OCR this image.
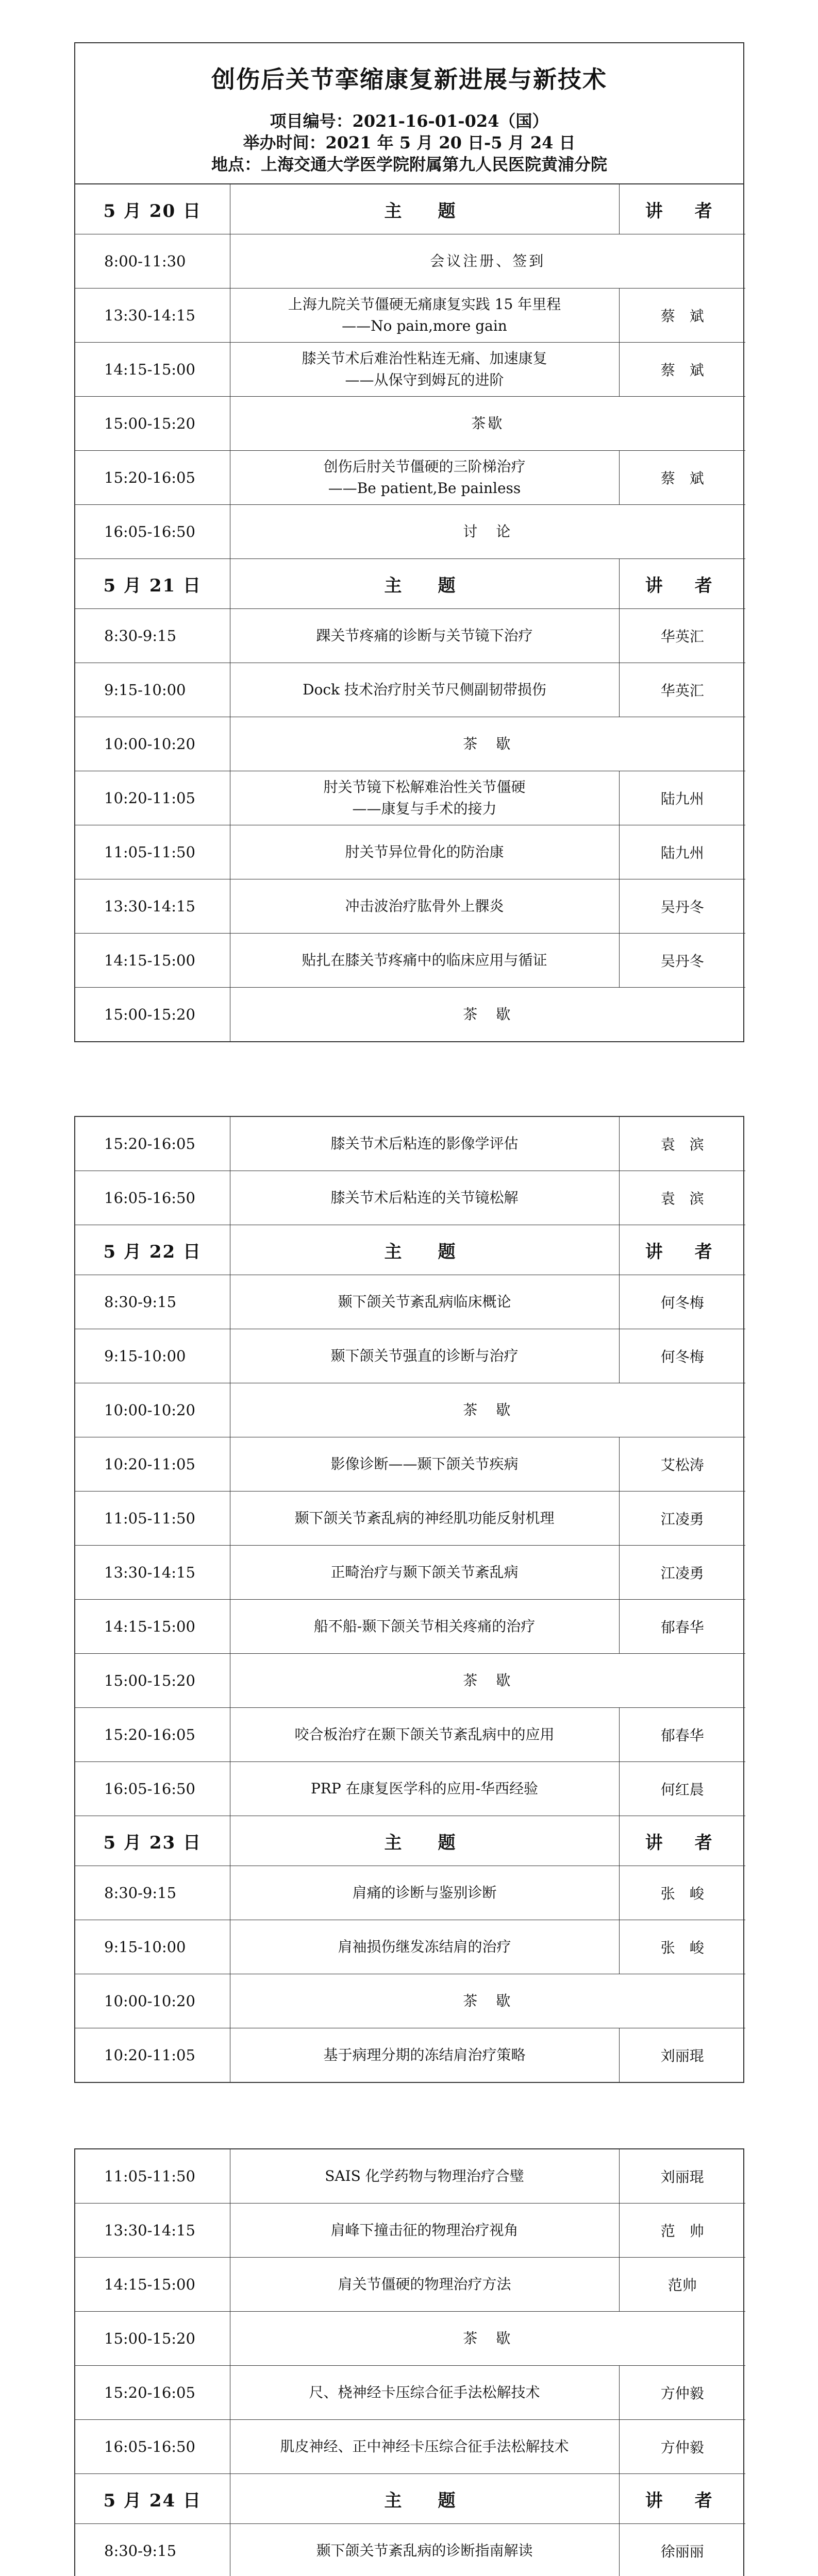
创伤后关节挛缩康复新进展与新技术
项目编号：2021-16-01-024（国）
举办时间：2021 年 5 月 20 日-5 月 24 日
地点：上海交通大学医学院附属第九人民医院黄浦分院
5 月 20 日	主　题	讲　者
8:00-11:30	会议注册、签到	
13:30-14:15	上海九院关节僵硬无痛康复实践 15 年里程
——No pain,more gain	蔡　斌
14:15-15:00	膝关节术后难治性粘连无痛、加速康复
——从保守到姆瓦的进阶	蔡　斌
15:00-15:20	茶歇	
15:20-16:05	创伤后肘关节僵硬的三阶梯治疗
——Be patient,Be painless	蔡　斌
16:05-16:50	讨　论	
5 月 21 日	主　题	讲　者
8:30-9:15	踝关节疼痛的诊断与关节镜下治疗	华英汇
9:15-10:00	Dock 技术治疗肘关节尺侧副韧带损伤	华英汇
10:00-10:20	茶　歇	
10:20-11:05	肘关节镜下松解难治性关节僵硬
——康复与手术的接力	陆九州
11:05-11:50	肘关节异位骨化的防治康	陆九州
13:30-14:15	冲击波治疗肱骨外上髁炎	吴丹冬
14:15-15:00	贴扎在膝关节疼痛中的临床应用与循证	吴丹冬
15:00-15:20	茶　歇	
15:20-16:05	膝关节术后粘连的影像学评估	袁　滨
16:05-16:50	膝关节术后粘连的关节镜松解	袁　滨
5 月 22 日	主　题	讲　者
8:30-9:15	颞下颌关节紊乱病临床概论	何冬梅
9:15-10:00	颞下颌关节强直的诊断与治疗	何冬梅
10:00-10:20	茶　歇	
10:20-11:05	影像诊断——颞下颌关节疾病	艾松涛
11:05-11:50	颞下颌关节紊乱病的神经肌功能反射机理	江凌勇
13:30-14:15	正畸治疗与颞下颌关节紊乱病	江凌勇
14:15-15:00	船不船-颞下颌关节相关疼痛的治疗	郁春华
15:00-15:20	茶　歇	
15:20-16:05	咬合板治疗在颞下颌关节紊乱病中的应用	郁春华
16:05-16:50	PRP 在康复医学科的应用-华西经验	何红晨
5 月 23 日	主　题	讲　者
8:30-9:15	肩痛的诊断与鉴别诊断	张　峻
9:15-10:00	肩袖损伤继发冻结肩的治疗	张　峻
10:00-10:20	茶　歇	
10:20-11:05	基于病理分期的冻结肩治疗策略	刘丽琨
11:05-11:50	SAIS 化学药物与物理治疗合璧	刘丽琨
13:30-14:15	肩峰下撞击征的物理治疗视角	范　帅
14:15-15:00	肩关节僵硬的物理治疗方法	范帅
15:00-15:20	茶　歇	
15:20-16:05	尺、桡神经卡压综合征手法松解技术	方仲毅
16:05-16:50	肌皮神经、正中神经卡压综合征手法松解技术	方仲毅
5 月 24 日	主　题	讲　者
8:30-9:15	颞下颌关节紊乱病的诊断指南解读	徐丽丽
